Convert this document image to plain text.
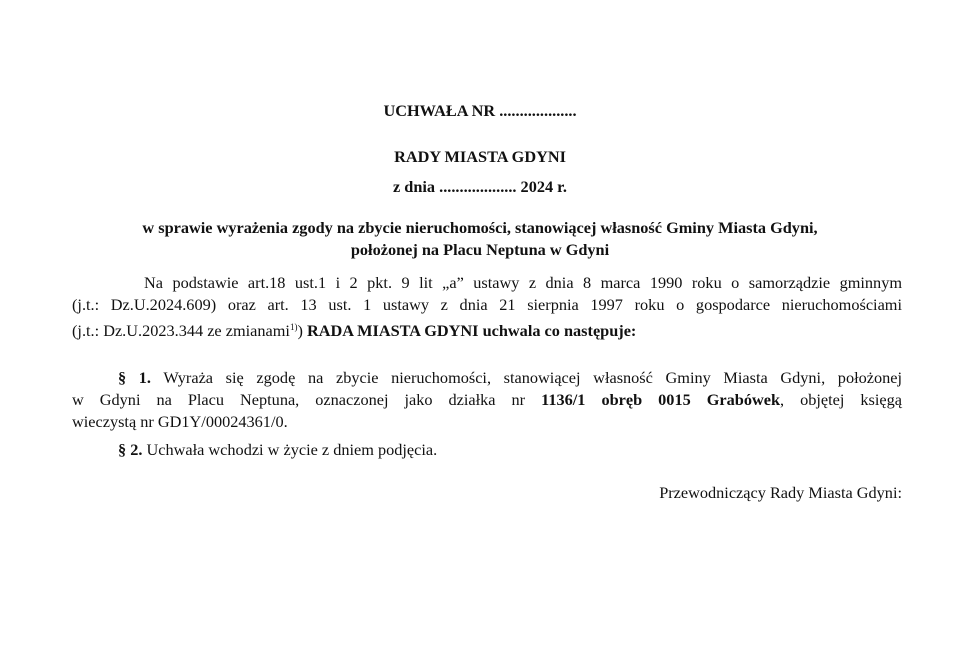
UCHWAŁA NR ...................
RADY MIASTA GDYNI
z dnia ................... 2024 r.
w sprawie wyrażenia zgody na zbycie nieruchomości, stanowiącej własność Gminy Miasta Gdyni,
położonej na Placu Neptuna w Gdyni
Na podstawie art.18 ust.1 i 2 pkt. 9 lit „a” ustawy z dnia 8 marca 1990 roku o samorządzie gminnym
(j.t.: Dz.U.2024.609) oraz art. 13 ust. 1 ustawy z dnia 21 sierpnia 1997 roku o gospodarce nieruchomościami
(j.t.: Dz.U.2023.344 ze zmianami$^{1)}$) RADA MIASTA GDYNI uchwala co następuje:
§ 1. Wyraża się zgodę na zbycie nieruchomości, stanowiącej własność Gminy Miasta Gdyni, położonej
w Gdyni na Placu Neptuna, oznaczonej jako działka nr 1136/1 obręb 0015 Grabówek, objętej księgą
wieczystą nr GD1Y/00024361/0.
§ 2. Uchwała wchodzi w życie z dniem podjęcia.
Przewodniczący Rady Miasta Gdyni:
